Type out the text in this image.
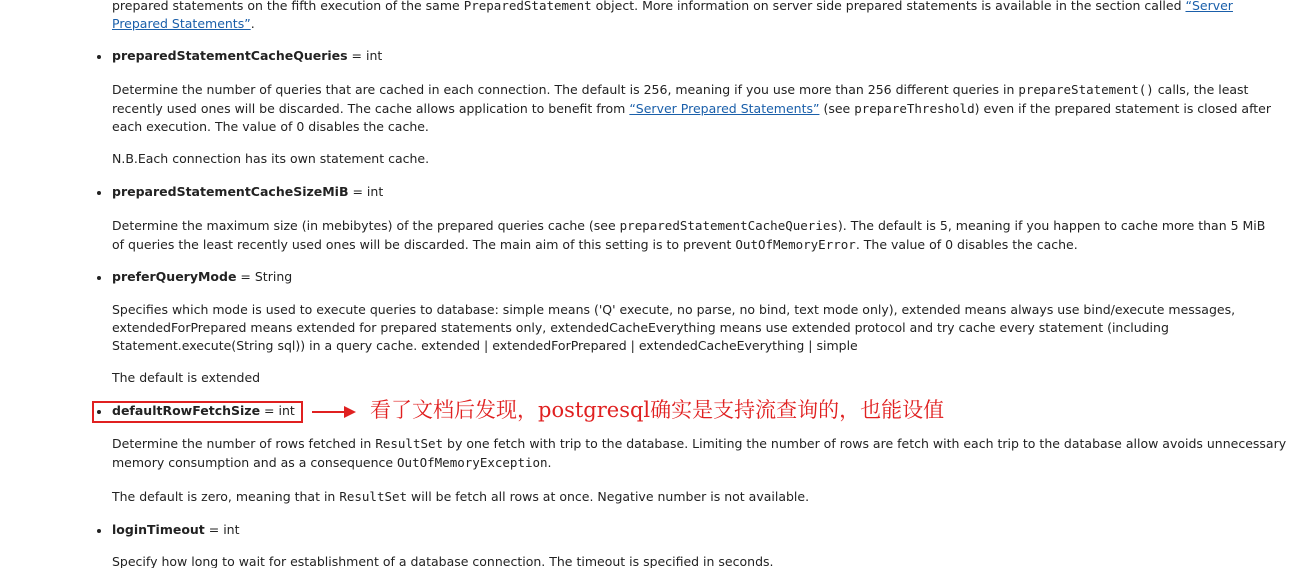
prepared statements on the fifth execution of the same PreparedStatement object. More information on server side prepared statements is available in the section called “Server
Prepared Statements”.
preparedStatementCacheQueries = int
Determine the number of queries that are cached in each connection. The default is 256, meaning if you use more than 256 different queries in prepareStatement() calls, the least
recently used ones will be discarded. The cache allows application to benefit from “Server Prepared Statements” (see prepareThreshold) even if the prepared statement is closed after
each execution. The value of 0 disables the cache.
N.B.Each connection has its own statement cache.
preparedStatementCacheSizeMiB = int
Determine the maximum size (in mebibytes) of the prepared queries cache (see preparedStatementCacheQueries). The default is 5, meaning if you happen to cache more than 5 MiB
of queries the least recently used ones will be discarded. The main aim of this setting is to prevent OutOfMemoryError. The value of 0 disables the cache.
preferQueryMode = String
Specifies which mode is used to execute queries to database: simple means ('Q' execute, no parse, no bind, text mode only), extended means always use bind/execute messages,
extendedForPrepared means extended for prepared statements only, extendedCacheEverything means use extended protocol and try cache every statement (including
Statement.execute(String sql)) in a query cache. extended | extendedForPrepared | extendedCacheEverything | simple
The default is extended
defaultRowFetchSize = int	看了文档后发现，postgresql确实是支持流查询的，也能设值
Determine the number of rows fetched in ResultSet by one fetch with trip to the database. Limiting the number of rows are fetch with each trip to the database allow avoids unnecessary
memory consumption and as a consequence OutOfMemoryException.
The default is zero, meaning that in ResultSet will be fetch all rows at once. Negative number is not available.
loginTimeout = int
Specify how long to wait for establishment of a database connection. The timeout is specified in seconds.
